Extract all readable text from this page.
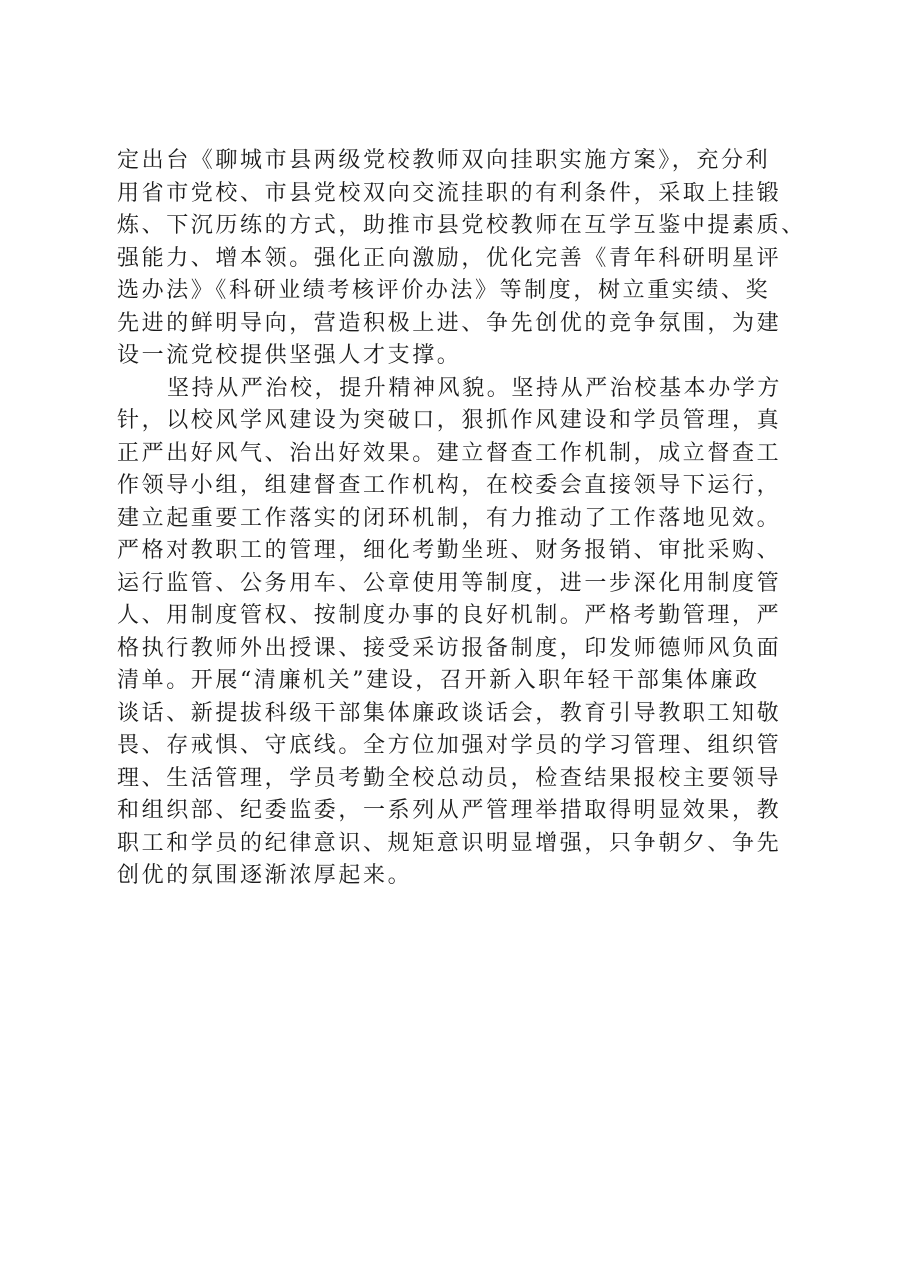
定出台《聊城市县两级党校教师双向挂职实施方案》，充分利
用省市党校、市县党校双向交流挂职的有利条件，采取上挂锻
炼、下沉历练的方式，助推市县党校教师在互学互鉴中提素质、
强能力、增本领。强化正向激励，优化完善《青年科研明星评
选办法》《科研业绩考核评价办法》等制度，树立重实绩、奖
先进的鲜明导向，营造积极上进、争先创优的竞争氛围，为建
设一流党校提供坚强人才支撑。
坚持从严治校，提升精神风貌。坚持从严治校基本办学方
针，以校风学风建设为突破口，狠抓作风建设和学员管理，真
正严出好风气、治出好效果。建立督查工作机制，成立督查工
作领导小组，组建督查工作机构，在校委会直接领导下运行，
建立起重要工作落实的闭环机制，有力推动了工作落地见效。
严格对教职工的管理，细化考勤坐班、财务报销、审批采购、
运行监管、公务用车、公章使用等制度，进一步深化用制度管
人、用制度管权、按制度办事的良好机制。严格考勤管理，严
格执行教师外出授课、接受采访报备制度，印发师德师风负面
清单。开展“清廉机关”建设，召开新入职年轻干部集体廉政
谈话、新提拔科级干部集体廉政谈话会，教育引导教职工知敬
畏、存戒惧、守底线。全方位加强对学员的学习管理、组织管
理、生活管理，学员考勤全校总动员，检查结果报校主要领导
和组织部、纪委监委，一系列从严管理举措取得明显效果，教
职工和学员的纪律意识、规矩意识明显增强，只争朝夕、争先
创优的氛围逐渐浓厚起来。
